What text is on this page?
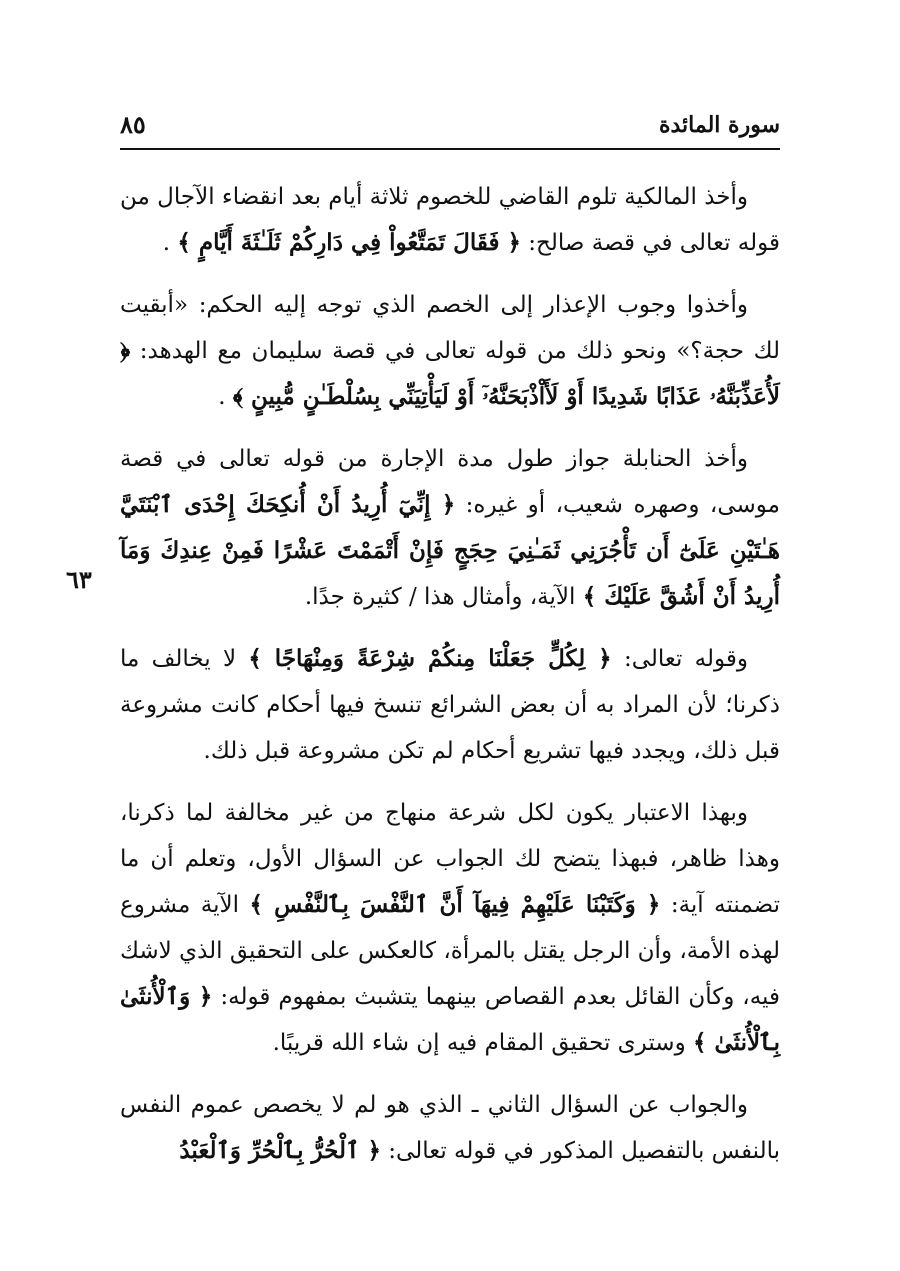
سورة المائدة
٨٥
٦٣

وأخذ المالكية تلوم القاضي للخصوم ثلاثة أيام بعد انقضاء الآجال من قوله تعالى في قصة صالح: ﴿ فَقَالَ تَمَتَّعُواْ فِي دَارِكُمْ ثَلَـٰثَةَ أَيَّامٍ ﴾ .

وأخذوا وجوب الإعذار إلى الخصم الذي توجه إليه الحكم: «أبقيت لك حجة؟» ونحو ذلك من قوله تعالى في قصة سليمان مع الهدهد: ﴿ لَأُعَذِّبَنَّهُۥ عَذَابًا شَدِيدًا أَوْ لَأَاْذْبَحَنَّهُۥٓ أَوْ لَيَأْتِيَنِّي بِسُلْطَـٰنٍ مُّبِينٍ ﴾ .

وأخذ الحنابلة جواز طول مدة الإجارة من قوله تعالى في قصة موسى، وصهره شعيب، أو غيره: ﴿ إِنِّيٓ أُرِيدُ أَنْ أُنكِحَكَ إِحْدَى ٱبْنَتَيَّ هَـٰتَيْنِ عَلَىٰٓ أَن تَأْجُرَنِي ثَمَـٰنِيَ حِجَجٍ فَإِنْ أَتْمَمْتَ عَشْرًا فَمِنْ عِندِكَ وَمَآ أُرِيدُ أَنْ أَشُقَّ عَلَيْكَ ﴾ الآية، وأمثال هذا / كثيرة جدًا.

وقوله تعالى: ﴿ لِكُلٍّ جَعَلْنَا مِنكُمْ شِرْعَةً وَمِنْهَاجًا ﴾ لا يخالف ما ذكرنا؛ لأن المراد به أن بعض الشرائع تنسخ فيها أحكام كانت مشروعة قبل ذلك، ويجدد فيها تشريع أحكام لم تكن مشروعة قبل ذلك.

وبهذا الاعتبار يكون لكل شرعة منهاج من غير مخالفة لما ذكرنا، وهذا ظاهر، فبهذا يتضح لك الجواب عن السؤال الأول، وتعلم أن ما تضمنته آية: ﴿ وَكَتَبْنَا عَلَيْهِمْ فِيهَآ أَنَّ ٱلنَّفْسَ بِٱلنَّفْسِ ﴾ الآية مشروع لهذه الأمة، وأن الرجل يقتل بالمرأة، كالعكس على التحقيق الذي لاشك فيه، وكأن القائل بعدم القصاص بينهما يتشبث بمفهوم قوله: ﴿ وَٱلْأُنثَىٰ بِٱلْأُنثَىٰ ﴾ وسترى تحقيق المقام فيه إن شاء الله قريبًا.

والجواب عن السؤال الثاني ـ الذي هو لم لا يخصص عموم النفس بالنفس بالتفصيل المذكور في قوله تعالى: ﴿ ٱلْحُرُّ بِٱلْحُرِّ وَٱلْعَبْدُ
